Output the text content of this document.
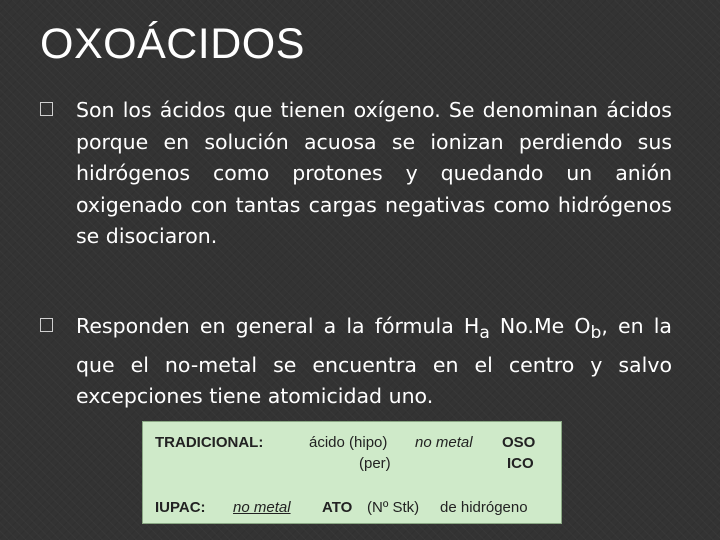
OXOÁCIDOS
Son los ácidos que tienen oxígeno. Se denominan ácidos porque en solución acuosa se ionizan perdiendo sus hidrógenos como protones y quedando un anión oxigenado con tantas cargas negativas como hidrógenos se disociaron.
Responden en general a la fórmula $H_a$ No.Me $O_b$, en la que el no-metal se encuentra en el centro y salvo excepciones tiene atomicidad uno.
TRADICIONAL:	ácido (hipo) no metal OSO
(per)	ICO
IUPAC: no metal ATO (Nº Stk) de hidrógeno
